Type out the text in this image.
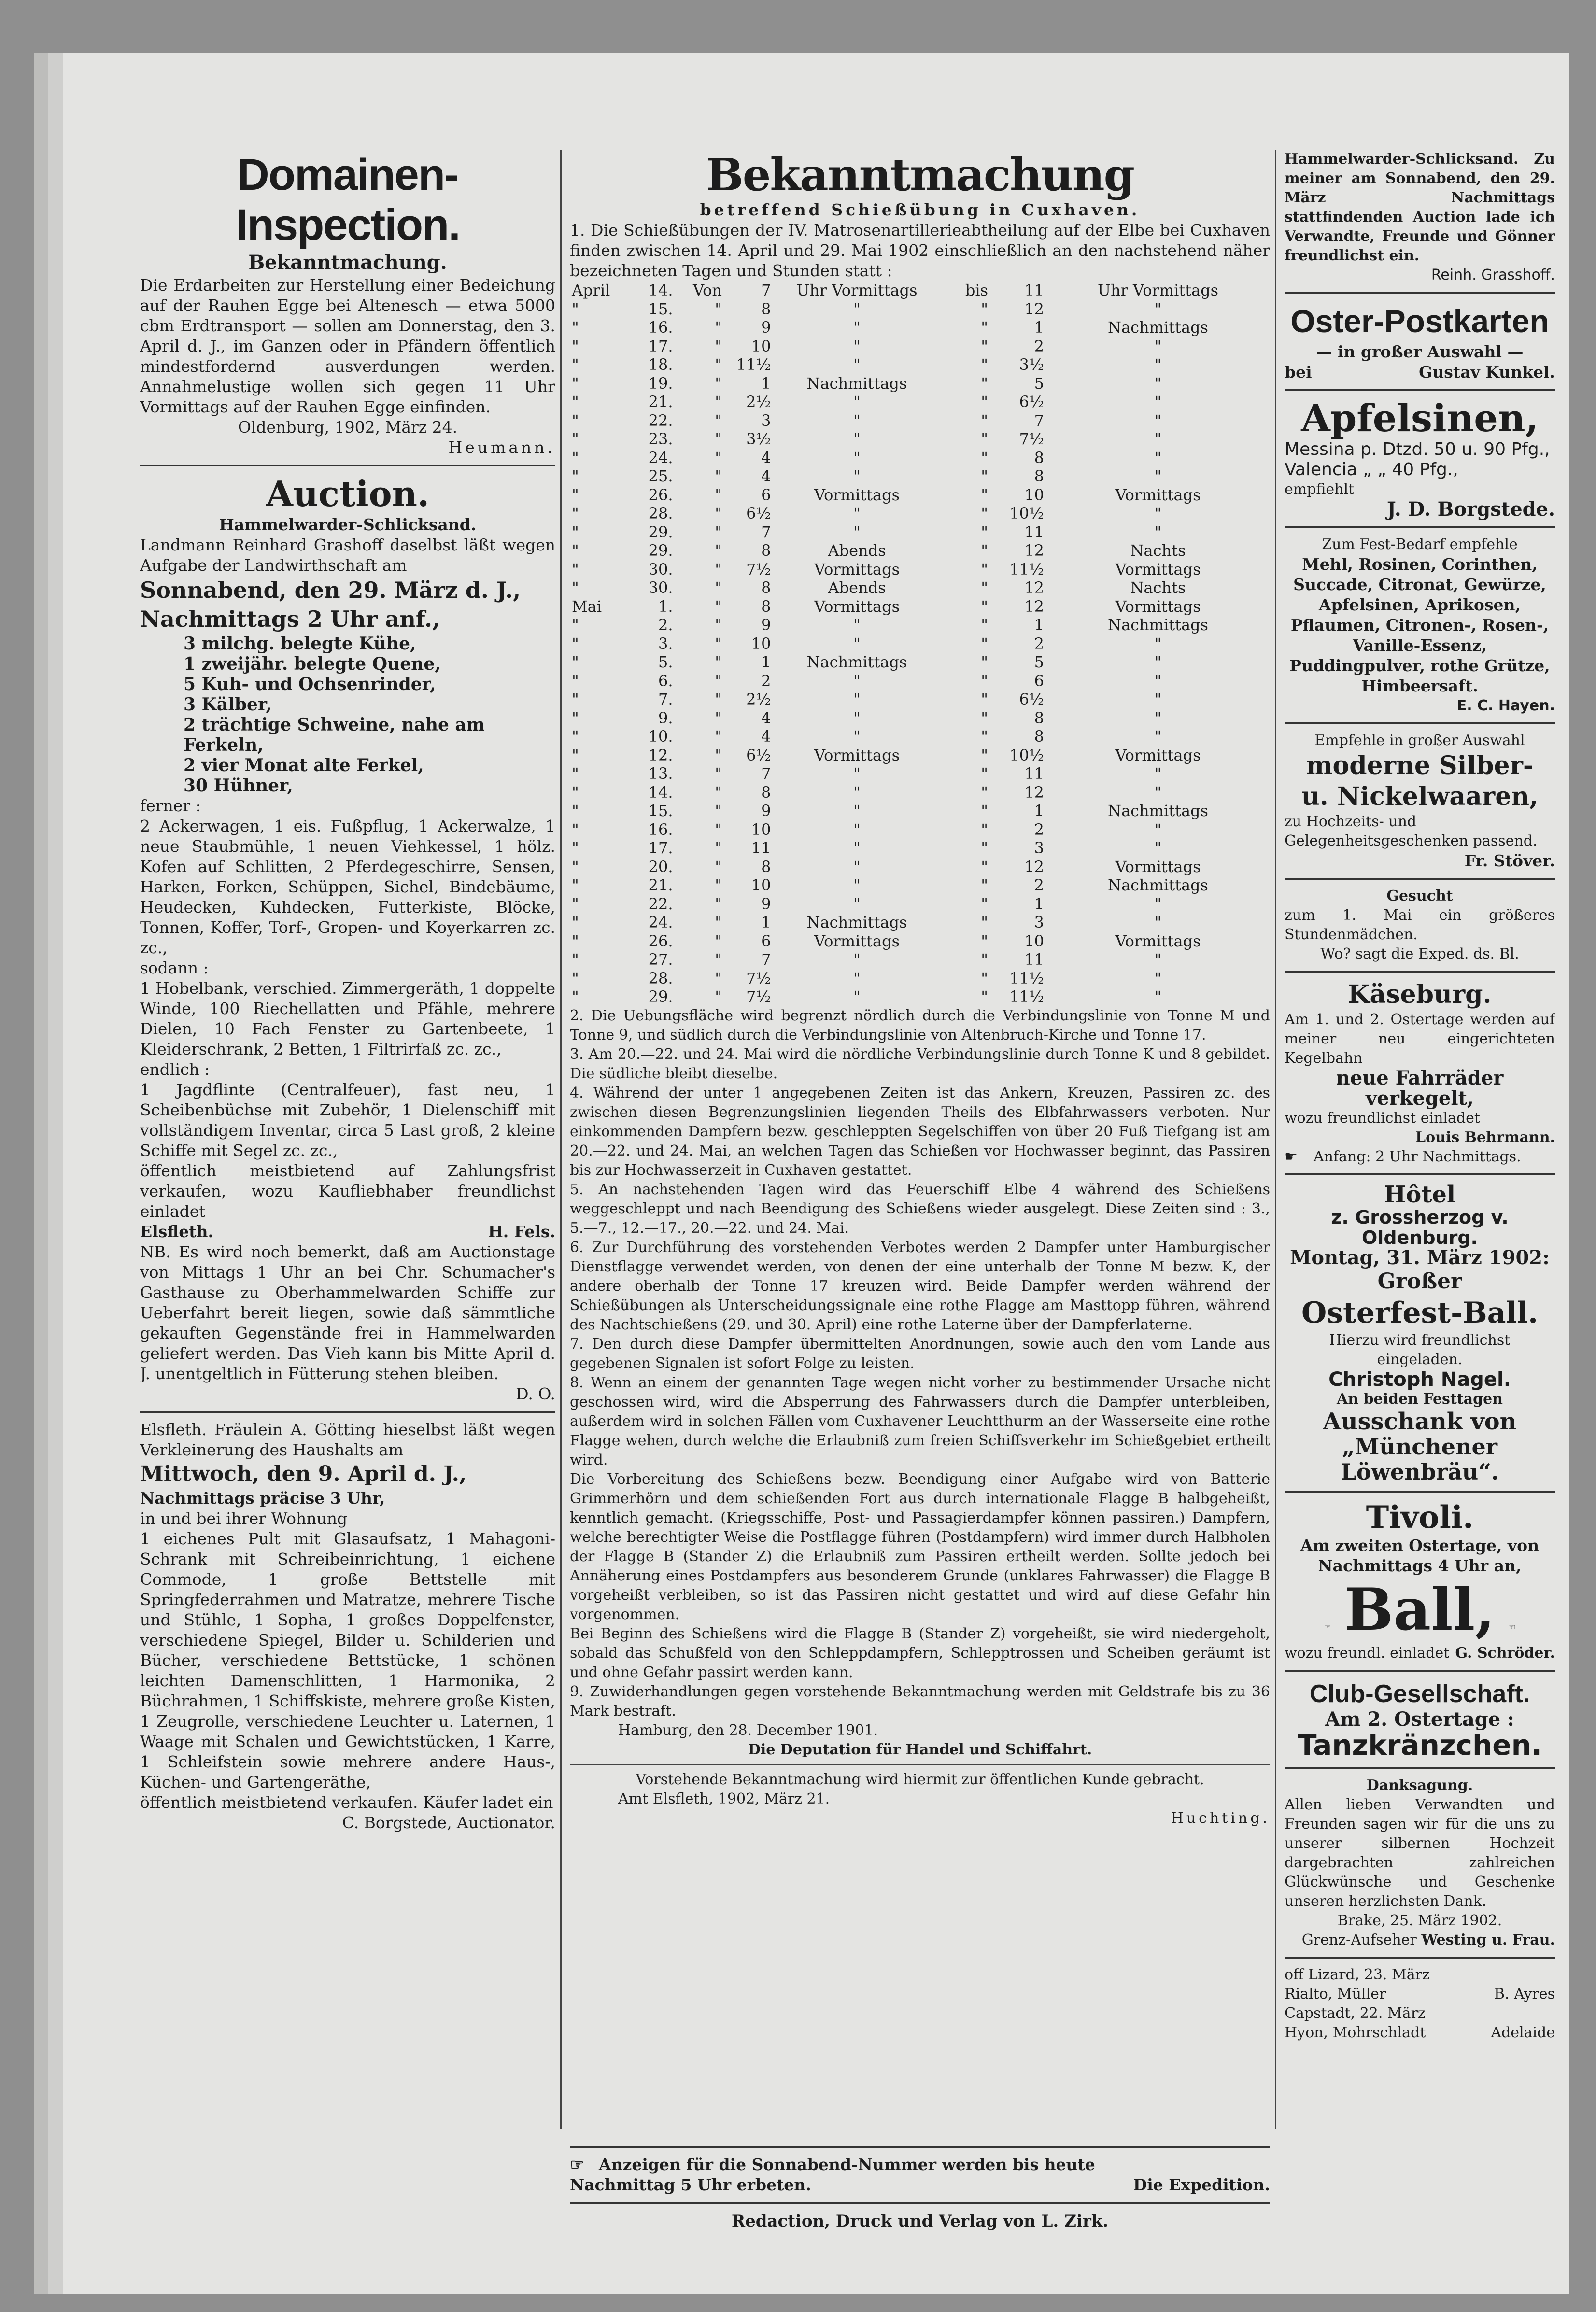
Domainen-Inspection.
Bekanntmachung.

Die Erdarbeiten zur Herstellung einer Bedeichung auf der Rauhen Egge bei Altenesch — etwa 5000 cbm Erdtransport — sollen am Donnerstag, den 3. April d. J., im Ganzen oder in Pfändern öffentlich mindestfordernd ausverdungen werden. Annahmelustige wollen sich gegen 11 Uhr Vormittags auf der Rauhen Egge einfinden.

Oldenburg, 1902, März 24.

Heumann.

Auction.

Hammelwarder-Schlicksand.

Landmann Reinhard Grashoff daselbst läßt wegen Aufgabe der Landwirthschaft am

Sonnabend, den 29. März d. J.,
Nachmittags 2 Uhr anf.,

3 milchg. belegte Kühe,

1 zweijähr. belegte Quene,

5 Kuh- und Ochsenrinder,

3 Kälber,

2 trächtige Schweine, nahe am Ferkeln,

2 vier Monat alte Ferkel,

30 Hühner,

ferner :

2 Ackerwagen, 1 eis. Fußpflug, 1 Ackerwalze, 1 neue Staubmühle, 1 neuen Viehkessel, 1 hölz. Kofen auf Schlitten, 2 Pferdegeschirre, Sensen, Harken, Forken, Schüppen, Sichel, Bindebäume, Heudecken, Kuhdecken, Futterkiste, Blöcke, Tonnen, Koffer, Torf-, Gropen- und Koyerkarren zc. zc.,

sodann :

1 Hobelbank, verschied. Zimmergeräth, 1 doppelte Winde, 100 Riechellatten und Pfähle, mehrere Dielen, 10 Fach Fenster zu Gartenbeete, 1 Kleiderschrank, 2 Betten, 1 Filtrirfaß zc. zc.,

endlich :

1 Jagdflinte (Centralfeuer), fast neu, 1 Scheibenbüchse mit Zubehör, 1 Dielenschiff mit vollständigem Inventar, circa 5 Last groß, 2 kleine Schiffe mit Segel zc. zc.,

öffentlich meistbietend auf Zahlungsfrist verkaufen, wozu Kaufliebhaber freundlichst einladet

Elsfleth.	H. Fels.

NB. Es wird noch bemerkt, daß am Auctionstage von Mittags 1 Uhr an bei Chr. Schumacher's Gasthause zu Oberhammelwarden Schiffe zur Ueberfahrt bereit liegen, sowie daß sämmtliche gekauften Gegenstände frei in Hammelwarden geliefert werden. Das Vieh kann bis Mitte April d. J. unentgeltlich in Fütterung stehen bleiben.

D. O.

Elsfleth. Fräulein A. Götting hieselbst läßt wegen Verkleinerung des Haushalts am

Mittwoch, den 9. April d. J.,

Nachmittags präcise 3 Uhr,

in und bei ihrer Wohnung

1 eichenes Pult mit Glasaufsatz, 1 Mahagoni-Schrank mit Schreibeinrichtung, 1 eichene Commode, 1 große Bettstelle mit Springfederrahmen und Matratze, mehrere Tische und Stühle, 1 Sopha, 1 großes Doppelfenster, verschiedene Spiegel, Bilder u. Schilderien und Bücher, verschiedene Bettstücke, 1 schönen leichten Damenschlitten, 1 Harmonika, 2 Büchrahmen, 1 Schiffskiste, mehrere große Kisten, 1 Zeugrolle, verschiedene Leuchter u. Laternen, 1 Waage mit Schalen und Gewichtstücken, 1 Karre, 1 Schleifstein sowie mehrere andere Haus-, Küchen- und Gartengeräthe,

öffentlich meistbietend verkaufen. Käufer ladet ein

C. Borgstede, Auctionator.

Bekanntmachung
betreffend Schießübung in Cuxhaven.

1. Die Schießübungen der IV. Matrosenartillerieabtheilung auf der Elbe bei Cuxhaven finden zwischen 14. April und 29. Mai 1902 einschließlich an den nachstehend näher bezeichneten Tagen und Stunden statt :

April	14.	Von	7	Uhr Vormittags	bis	11	Uhr Vormittags
"	15.	"	8	"	"	12	"
"	16.	"	9	"	"	1	Nachmittags
"	17.	"	10	"	"	2	"
"	18.	"	11½	"	"	3½	"
"	19.	"	1	Nachmittags	"	5	"
"	21.	"	2½	"	"	6½	"
"	22.	"	3	"	"	7	"
"	23.	"	3½	"	"	7½	"
"	24.	"	4	"	"	8	"
"	25.	"	4	"	"	8	"
"	26.	"	6	Vormittags	"	10	Vormittags
"	28.	"	6½	"	"	10½	"
"	29.	"	7	"	"	11	"
"	29.	"	8	Abends	"	12	Nachts
"	30.	"	7½	Vormittags	"	11½	Vormittags
"	30.	"	8	Abends	"	12	Nachts
Mai	1.	"	8	Vormittags	"	12	Vormittags
"	2.	"	9	"	"	1	Nachmittags
"	3.	"	10	"	"	2	"
"	5.	"	1	Nachmittags	"	5	"
"	6.	"	2	"	"	6	"
"	7.	"	2½	"	"	6½	"
"	9.	"	4	"	"	8	"
"	10.	"	4	"	"	8	"
"	12.	"	6½	Vormittags	"	10½	Vormittags
"	13.	"	7	"	"	11	"
"	14.	"	8	"	"	12	"
"	15.	"	9	"	"	1	Nachmittags
"	16.	"	10	"	"	2	"
"	17.	"	11	"	"	3	"
"	20.	"	8	"	"	12	Vormittags
"	21.	"	10	"	"	2	Nachmittags
"	22.	"	9	"	"	1	"
"	24.	"	1	Nachmittags	"	3	"
"	26.	"	6	Vormittags	"	10	Vormittags
"	27.	"	7	"	"	11	"
"	28.	"	7½	"	"	11½	"
"	29.	"	7½	"	"	11½	"

2. Die Uebungsfläche wird begrenzt nördlich durch die Verbindungslinie von Tonne M und Tonne 9, und südlich durch die Verbindungslinie von Altenbruch-Kirche und Tonne 17.

3. Am 20.—22. und 24. Mai wird die nördliche Verbindungslinie durch Tonne K und 8 gebildet. Die südliche bleibt dieselbe.

4. Während der unter 1 angegebenen Zeiten ist das Ankern, Kreuzen, Passiren zc. des zwischen diesen Begrenzungslinien liegenden Theils des Elbfahrwassers verboten. Nur einkommenden Dampfern bezw. geschleppten Segelschiffen von über 20 Fuß Tiefgang ist am 20.—22. und 24. Mai, an welchen Tagen das Schießen vor Hochwasser beginnt, das Passiren bis zur Hochwasserzeit in Cuxhaven gestattet.

5. An nachstehenden Tagen wird das Feuerschiff Elbe 4 während des Schießens weggeschleppt und nach Beendigung des Schießens wieder ausgelegt. Diese Zeiten sind : 3., 5.—7., 12.—17., 20.—22. und 24. Mai.

6. Zur Durchführung des vorstehenden Verbotes werden 2 Dampfer unter Hamburgischer Dienstflagge verwendet werden, von denen der eine unterhalb der Tonne M bezw. K, der andere oberhalb der Tonne 17 kreuzen wird. Beide Dampfer werden während der Schießübungen als Unterscheidungssignale eine rothe Flagge am Masttopp führen, während des Nachtschießens (29. und 30. April) eine rothe Laterne über der Dampferlaterne.

7. Den durch diese Dampfer übermittelten Anordnungen, sowie auch den vom Lande aus gegebenen Signalen ist sofort Folge zu leisten.

8. Wenn an einem der genannten Tage wegen nicht vorher zu bestimmender Ursache nicht geschossen wird, wird die Absperrung des Fahrwassers durch die Dampfer unterbleiben, außerdem wird in solchen Fällen vom Cuxhavener Leuchtthurm an der Wasserseite eine rothe Flagge wehen, durch welche die Erlaubniß zum freien Schiffsverkehr im Schießgebiet ertheilt wird.

Die Vorbereitung des Schießens bezw. Beendigung einer Aufgabe wird von Batterie Grimmerhörn und dem schießenden Fort aus durch internationale Flagge B halbgeheißt, kenntlich gemacht. (Kriegsschiffe, Post- und Passagierdampfer können passiren.) Dampfern, welche berechtigter Weise die Postflagge führen (Postdampfern) wird immer durch Halbholen der Flagge B (Stander Z) die Erlaubniß zum Passiren ertheilt werden. Sollte jedoch bei Annäherung eines Postdampfers aus besonderem Grunde (unklares Fahrwasser) die Flagge B vorgeheißt verbleiben, so ist das Passiren nicht gestattet und wird auf diese Gefahr hin vorgenommen.

Bei Beginn des Schießens wird die Flagge B (Stander Z) vorgeheißt, sie wird niedergeholt, sobald das Schußfeld von den Schleppdampfern, Schlepptrossen und Scheiben geräumt ist und ohne Gefahr passirt werden kann.

9. Zuwiderhandlungen gegen vorstehende Bekanntmachung werden mit Geldstrafe bis zu 36 Mark bestraft.

Hamburg, den 28. December 1901.

Die Deputation für Handel und Schiffahrt.

Vorstehende Bekanntmachung wird hiermit zur öffentlichen Kunde gebracht.

Amt Elsfleth, 1902, März 21.

Huchting.

☞ Anzeigen für die Sonnabend-Nummer werden bis heute

Nachmittag 5 Uhr erbeten.	Die Expedition.

Redaction, Druck und Verlag von L. Zirk.

Hammelwarder-Schlicksand. Zu meiner am Sonnabend, den 29. März Nachmittags stattfindenden Auction lade ich Verwandte, Freunde und Gönner freundlichst ein.

Reinh. Grasshoff.

Oster-Postkarten

— in großer Auswahl —

bei	Gustav Kunkel.

Apfelsinen,

Messina p. Dtzd. 50 u. 90 Pfg.,

Valencia „ „ 40 Pfg.,

empfiehlt

J. D. Borgstede.

Zum Fest-Bedarf empfehle

Mehl, Rosinen, Corinthen, Succade, Citronat, Gewürze, Apfelsinen, Aprikosen, Pflaumen, Citronen-, Rosen-, Vanille-Essenz, Puddingpulver, rothe Grütze, Himbeersaft.

E. C. Hayen.

Empfehle in großer Auswahl

moderne Silber-
u. Nickelwaaren,

zu Hochzeits- und Gelegenheitsgeschenken passend.

Fr. Stöver.

Gesucht

zum 1. Mai ein größeres Stundenmädchen.

Wo? sagt die Exped. ds. Bl.

Käseburg.

Am 1. und 2. Ostertage werden auf meiner neu eingerichteten Kegelbahn

neue Fahrräder verkegelt,

wozu freundlichst einladet

Louis Behrmann.

☛ Anfang: 2 Uhr Nachmittags.

Hôtel

z. Grossherzog v. Oldenburg.

Montag, 31. März 1902:

Großer

Osterfest-Ball.

Hierzu wird freundlichst eingeladen.

Christoph Nagel.

An beiden Festtagen

Ausschank von
„Münchener Löwenbräu“.
Tivoli.

Am zweiten Ostertage, von Nachmittags 4 Uhr an,

☞ Ball, ☜

wozu freundl. einladet G. Schröder.

Club-Gesellschaft.

Am 2. Ostertage :

Tanzkränzchen.

Danksagung.

Allen lieben Verwandten und Freunden sagen wir für die uns zu unserer silbernen Hochzeit dargebrachten zahlreichen Glückwünsche und Geschenke unseren herzlichsten Dank.

Brake, 25. März 1902.

Grenz-Aufseher Westing u. Frau.

off Lizard, 23. März

Rialto, Müller	B. Ayres

Capstadt, 22. März

Hyon, Mohrschladt	Adelaide
